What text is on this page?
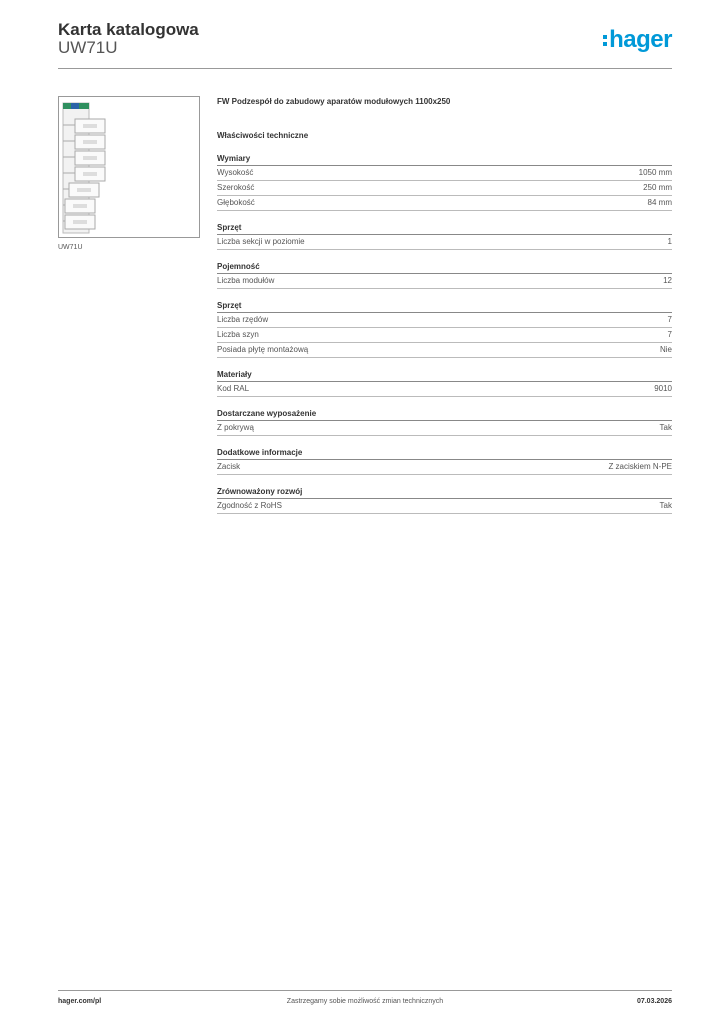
Karta katalogowa
UW71U	hager
UW71U
FW Podzespół do zabudowy aparatów modułowych 1100x250
Właściwości techniczne
Wymiary
Wysokość	1050 mm
Szerokość	250 mm
Głębokość	84 mm
Sprzęt
Liczba sekcji w poziomie	1
Pojemność
Liczba modułów	12
Sprzęt
Liczba rzędów	7
Liczba szyn	7
Posiada płytę montażową	Nie
Materiały
Kod RAL	9010
Dostarczane wyposażenie
Z pokrywą	Tak
Dodatkowe informacje
Zacisk	Z zaciskiem N-PE
Zrównoważony rozwój
Zgodność z RoHS	Tak
hager.com/pl	Zastrzegamy sobie możliwość zmian technicznych	07.03.2026
